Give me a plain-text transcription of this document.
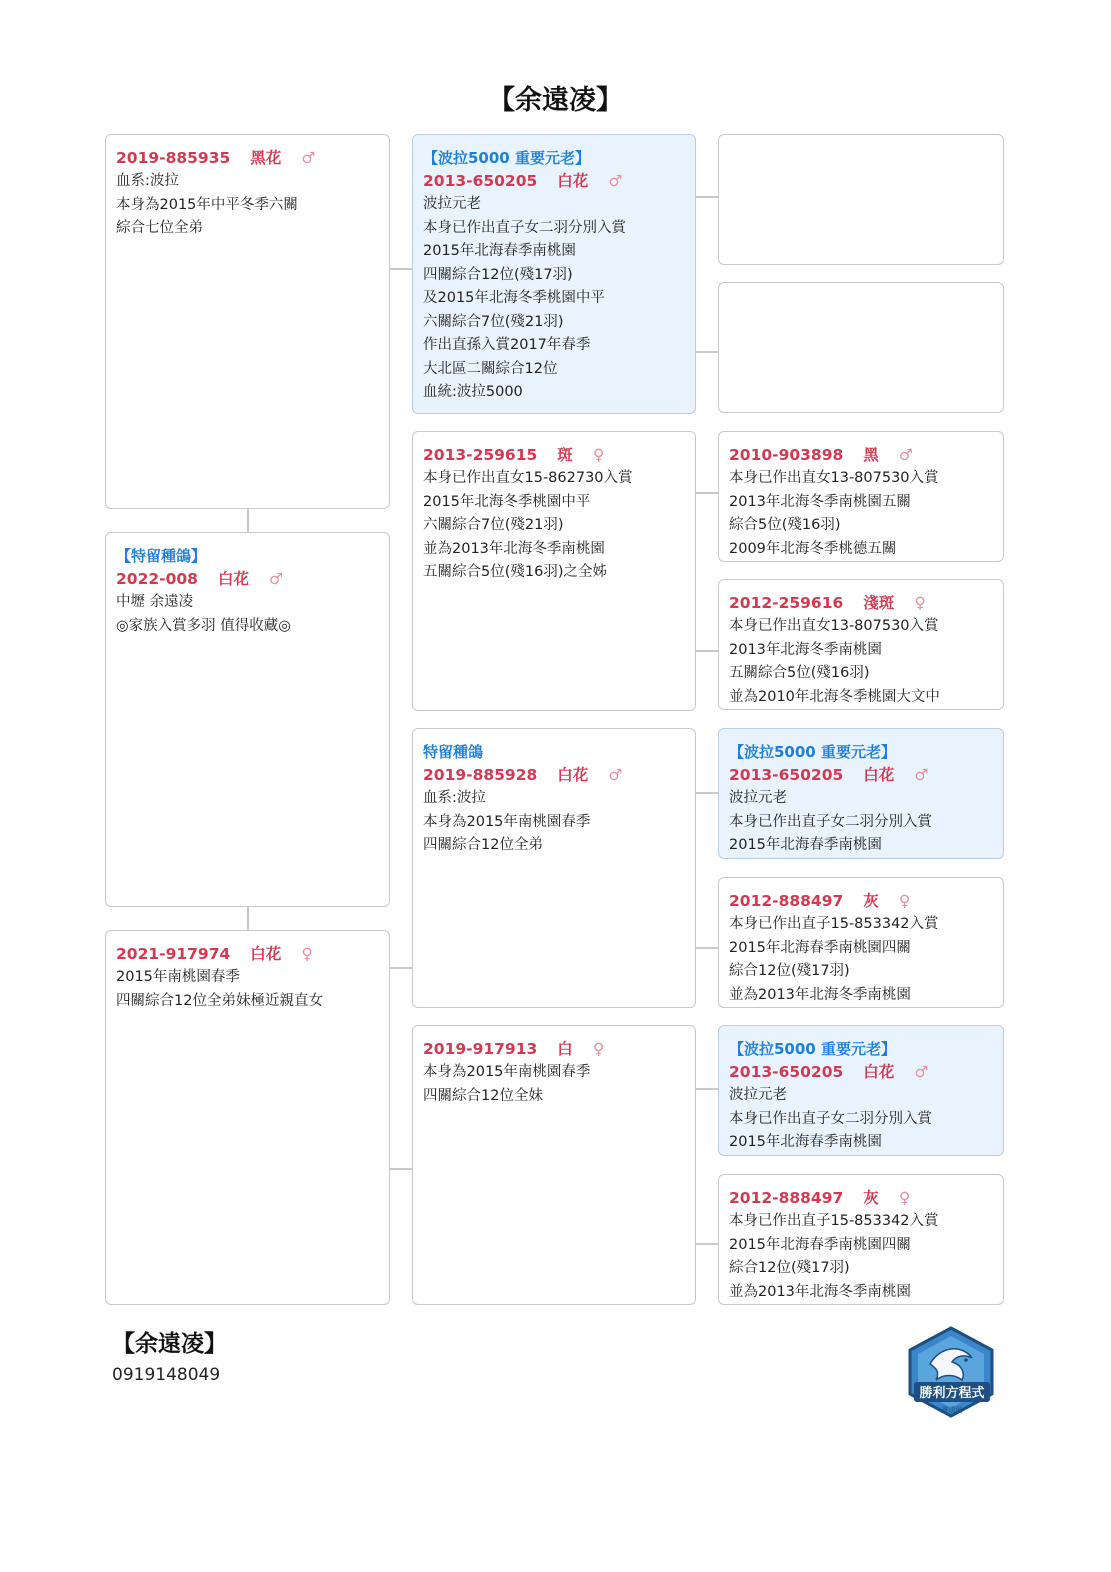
【余遠凌】
2019-885935 黑花 ♂
血系:波拉
本身為2015年中平冬季六關
綜合七位全弟
【特留種鴿】
2022-008 白花 ♂
中壢 余遠凌
◎家族入賞多羽 值得收藏◎
2021-917974 白花 ♀
2015年南桃園春季
四關綜合12位全弟妹極近親直女
【波拉5000 重要元老】
2013-650205 白花 ♂
波拉元老
本身已作出直子女二羽分別入賞
2015年北海春季南桃園
四關綜合12位(殘17羽)
及2015年北海冬季桃園中平
六關綜合7位(殘21羽)
作出直孫入賞2017年春季
大北區二關綜合12位
血統:波拉5000
2013-259615 斑 ♀
本身已作出直女15-862730入賞
2015年北海冬季桃園中平
六關綜合7位(殘21羽)
並為2013年北海冬季南桃園
五關綜合5位(殘16羽)之全姊
特留種鴿
2019-885928 白花 ♂
血系:波拉
本身為2015年南桃園春季
四關綜合12位全弟
2019-917913 白 ♀
本身為2015年南桃園春季
四關綜合12位全妹
2010-903898 黑 ♂
本身已作出直女13-807530入賞
2013年北海冬季南桃園五關
綜合5位(殘16羽)
2009年北海冬季桃德五關
2012-259616 淺斑 ♀
本身已作出直女13-807530入賞
2013年北海冬季南桃園
五關綜合5位(殘16羽)
並為2010年北海冬季桃園大文中
【波拉5000 重要元老】
2013-650205 白花 ♂
波拉元老
本身已作出直子女二羽分別入賞
2015年北海春季南桃園
2012-888497 灰 ♀
本身已作出直子15-853342入賞
2015年北海春季南桃園四關
綜合12位(殘17羽)
並為2013年北海冬季南桃園
【波拉5000 重要元老】
2013-650205 白花 ♂
波拉元老
本身已作出直子女二羽分別入賞
2015年北海春季南桃園
2012-888497 灰 ♀
本身已作出直子15-853342入賞
2015年北海春季南桃園四關
綜合12位(殘17羽)
並為2013年北海冬季南桃園
【余遠凌】
0919148049
勝利方程式
賽鴿網
